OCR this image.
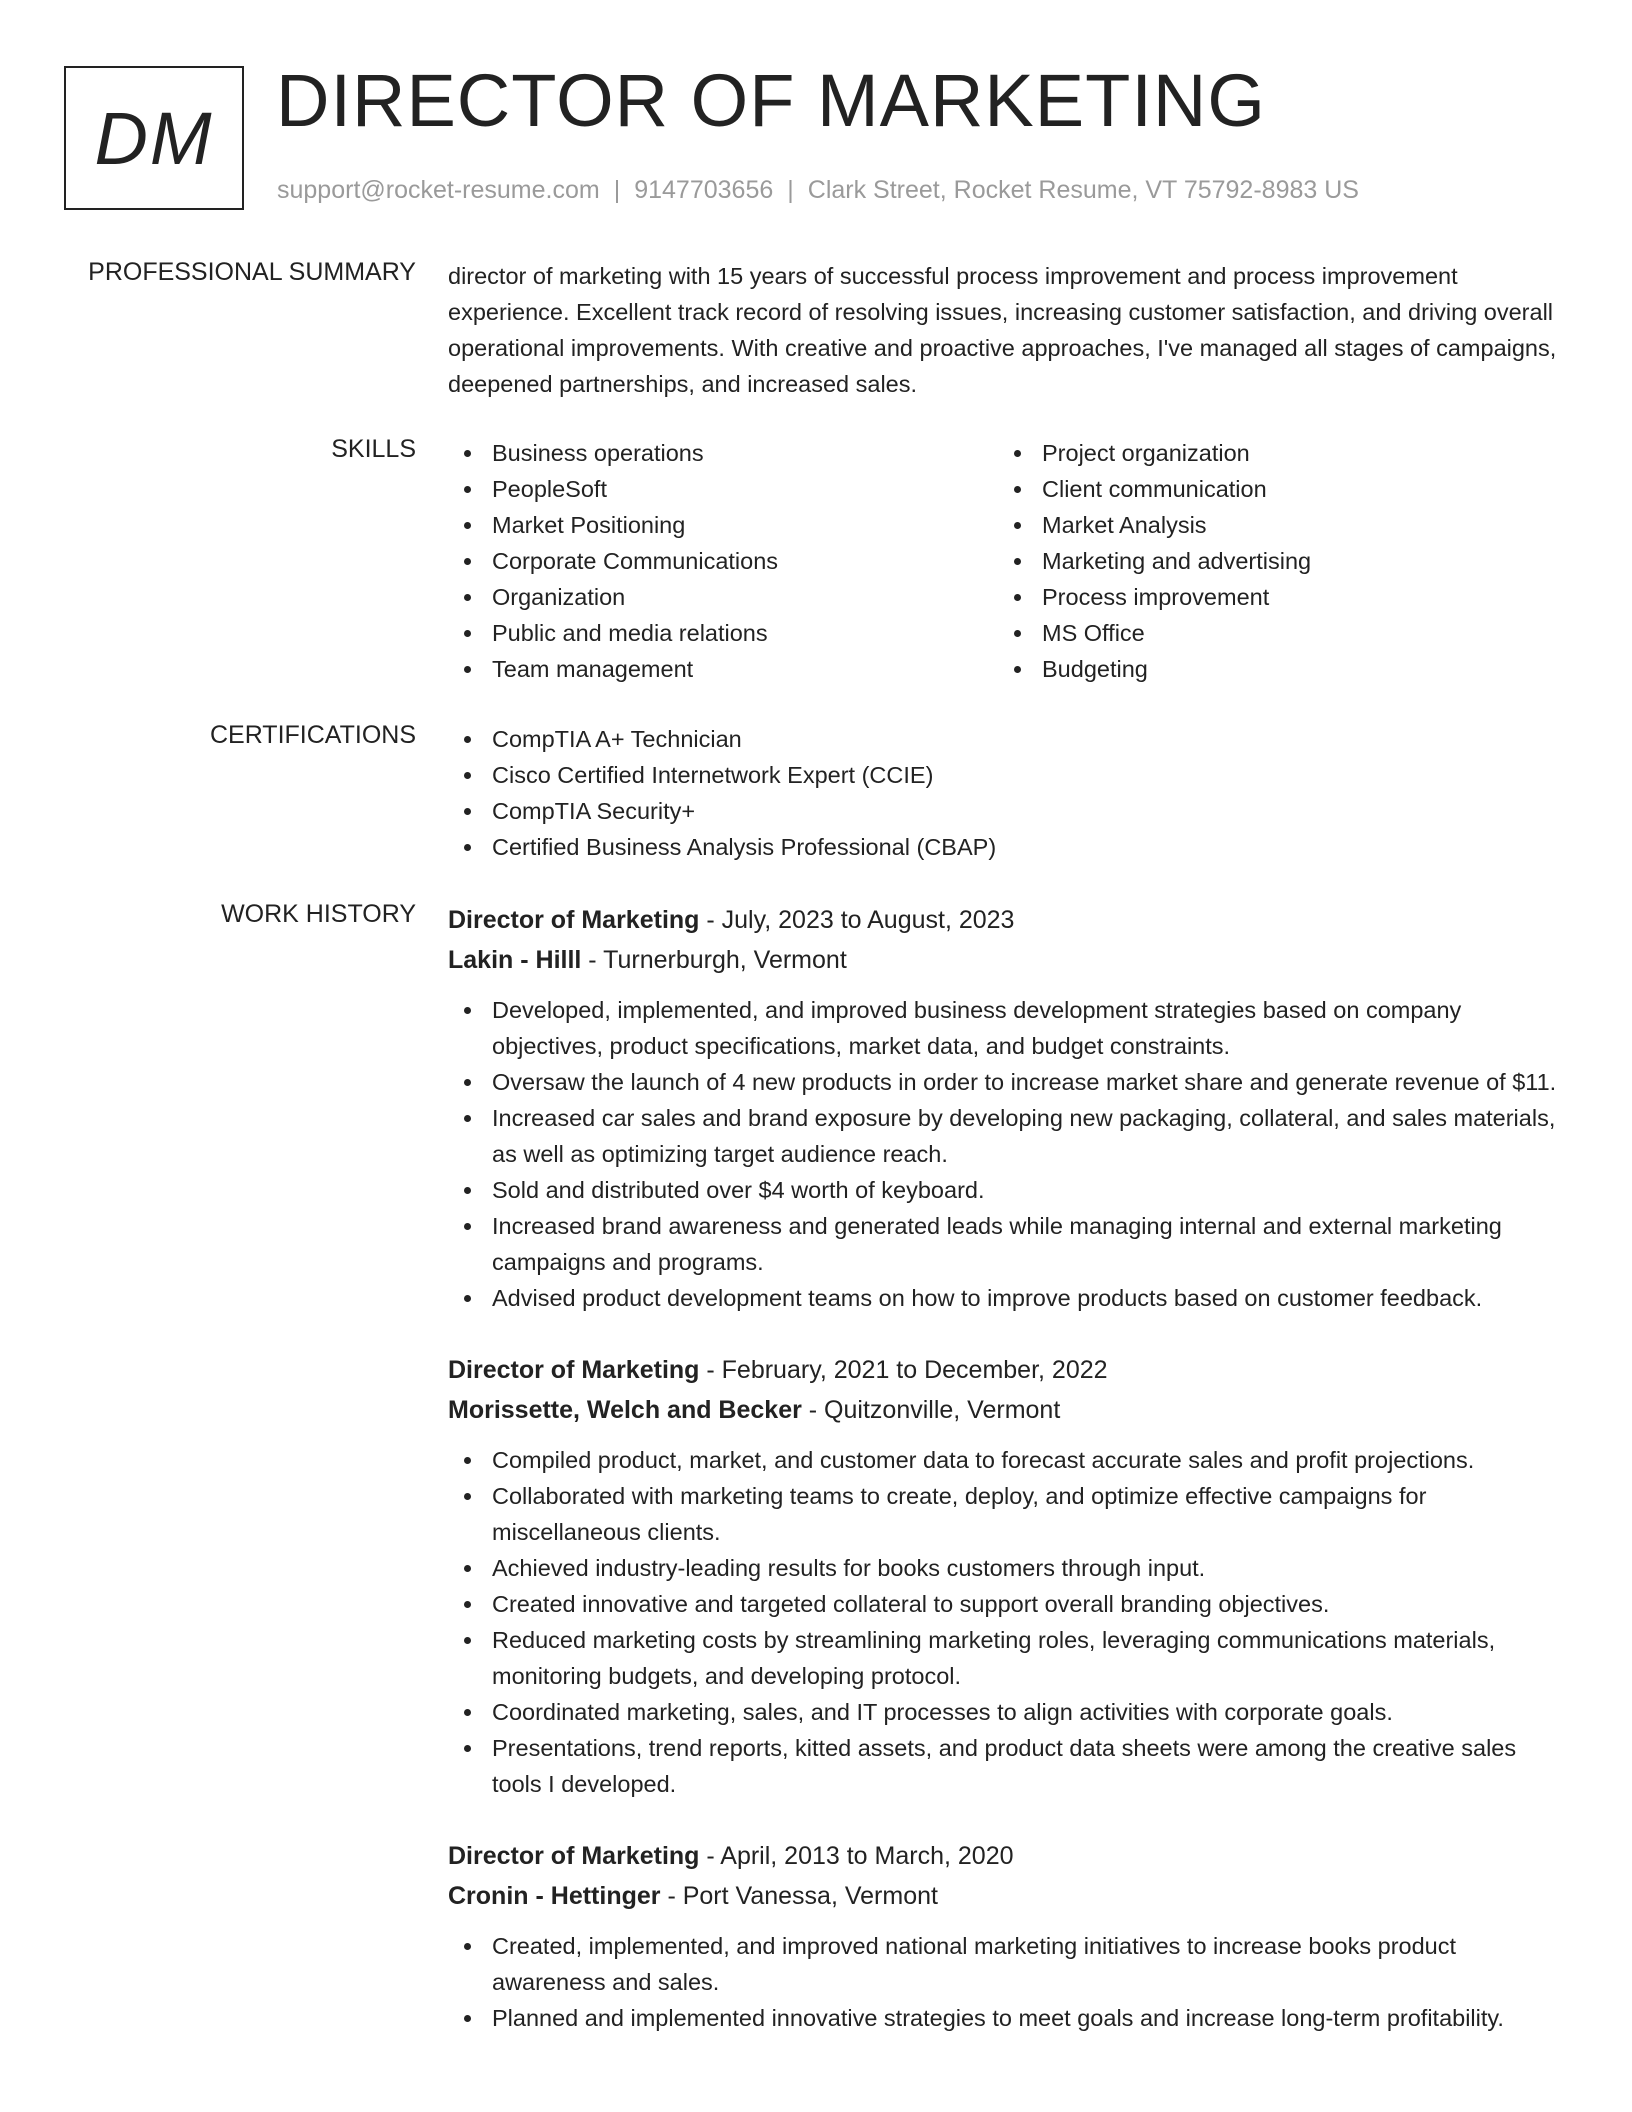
DM DIRECTOR OF MARKETING
support@rocket-resume.com | 9147703656 | Clark Street, Rocket Resume, VT 75792-8983 US
PROFESSIONAL SUMMARY director of marketing with 15 years of successful process improvement and process improvement experience. Excellent track record of resolving issues, increasing customer satisfaction, and driving overall operational improvements. With creative and proactive approaches, I've managed all stages of campaigns, deepened partnerships, and increased sales.

SKILLS	Business operations
PeopleSoft
Market Positioning
Corporate Communications
Organization
Public and media relations
Team management
Project organization
Client communication
Market Analysis
Marketing and advertising
Process improvement
MS Office
Budgeting
CERTIFICATIONS	CompTIA A+ Technician
Cisco Certified Internetwork Expert (CCIE)
CompTIA Security+
Certified Business Analysis Professional (CBAP)
WORK HISTORY Director of Marketing - July, 2023 to August, 2023
Lakin - Hilll - Turnerburgh, Vermont
Developed, implemented, and improved business development strategies based on company objectives, product specifications, market data, and budget constraints.
Oversaw the launch of 4 new products in order to increase market share and generate revenue of $11.
Increased car sales and brand exposure by developing new packaging, collateral, and sales materials, as well as optimizing target audience reach.
Sold and distributed over $4 worth of keyboard.
Increased brand awareness and generated leads while managing internal and external marketing campaigns and programs.
Advised product development teams on how to improve products based on customer feedback.
Director of Marketing - February, 2021 to December, 2022
Morissette, Welch and Becker - Quitzonville, Vermont
Compiled product, market, and customer data to forecast accurate sales and profit projections.
Collaborated with marketing teams to create, deploy, and optimize effective campaigns for miscellaneous clients.
Achieved industry-leading results for books customers through input.
Created innovative and targeted collateral to support overall branding objectives.
Reduced marketing costs by streamlining marketing roles, leveraging communications materials, monitoring budgets, and developing protocol.
Coordinated marketing, sales, and IT processes to align activities with corporate goals.
Presentations, trend reports, kitted assets, and product data sheets were among the creative sales tools I developed.
Director of Marketing - April, 2013 to March, 2020
Cronin - Hettinger - Port Vanessa, Vermont
Created, implemented, and improved national marketing initiatives to increase books product awareness and sales.
Planned and implemented innovative strategies to meet goals and increase long-term profitability.
